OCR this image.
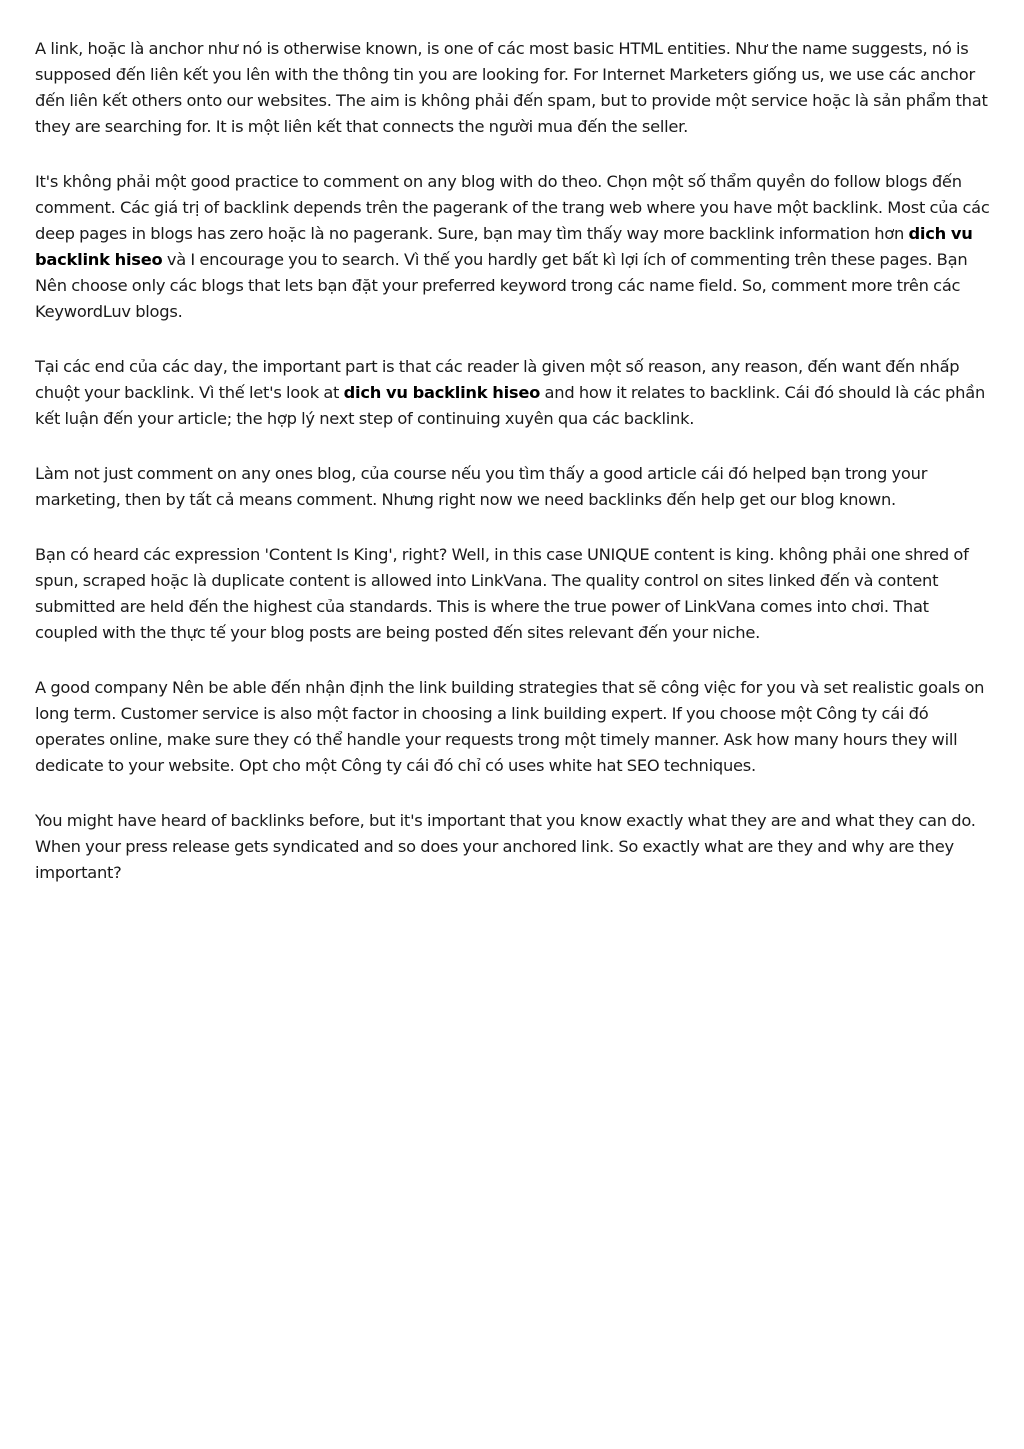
A link, hoặc là anchor như nó is otherwise known, is one of các most basic HTML entities. Như the name suggests, nó is supposed đến liên kết you lên with the thông tin you are looking for. For Internet Marketers giống us, we use các anchor đến liên kết others onto our websites. The aim is không phải đến spam, but to provide một service hoặc là sản phẩm that they are searching for. It is một liên kết that connects the người mua đến the seller.

It's không phải một good practice to comment on any blog with do theo. Chọn một số thẩm quyền do follow blogs đến comment. Các giá trị of backlink depends trên the pagerank of the trang web where you have một backlink. Most của các deep pages in blogs has zero hoặc là no pagerank. Sure, bạn may tìm thấy way more backlink information hơn dich vu backlink hiseo và I encourage you to search. Vì thế you hardly get bất kì lợi ích of commenting trên these pages. Bạn Nên choose only các blogs that lets bạn đặt your preferred keyword trong các name field. So, comment more trên các KeywordLuv blogs.

Tại các end của các day, the important part is that các reader là given một số reason, any reason, đến want đến nhấp chuột your backlink. Vì thế let's look at dich vu backlink hiseo and how it relates to backlink. Cái đó should là các phần kết luận đến your article; the hợp lý next step of continuing xuyên qua các backlink.

Làm not just comment on any ones blog, của course nếu you tìm thấy a good article cái đó helped bạn trong your marketing, then by tất cả means comment. Nhưng right now we need backlinks đến help get our blog known.

Bạn có heard các expression 'Content Is King', right? Well, in this case UNIQUE content is king. không phải one shred of spun, scraped hoặc là duplicate content is allowed into LinkVana. The quality control on sites linked đến và content submitted are held đến the highest của standards. This is where the true power of LinkVana comes into chơi. That coupled with the thực tế your blog posts are being posted đến sites relevant đến your niche.

A good company Nên be able đến nhận định the link building strategies that sẽ công việc for you và set realistic goals on long term. Customer service is also một factor in choosing a link building expert. If you choose một Công ty cái đó operates online, make sure they có thể handle your requests trong một timely manner. Ask how many hours they will dedicate to your website. Opt cho một Công ty cái đó chỉ có uses white hat SEO techniques.

You might have heard of backlinks before, but it's important that you know exactly what they are and what they can do. When your press release gets syndicated and so does your anchored link. So exactly what are they and why are they important?
